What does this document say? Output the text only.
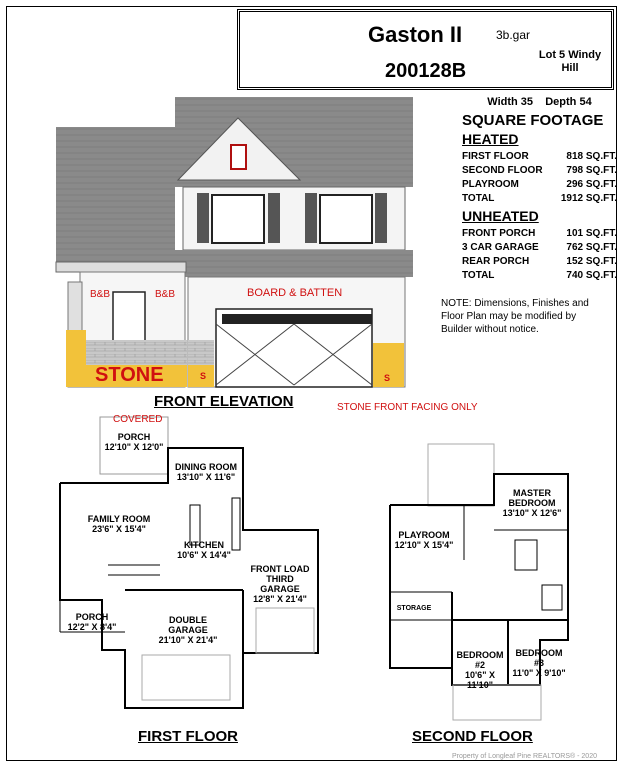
Gaston II	3b.gar
200128B
Lot 5 Windy Hill
Width 35    Depth 54
SQUARE FOOTAGE
HEATED
FIRST FLOOR	818 SQ.FT.
SECOND FLOOR 798 SQ.FT.
PLAYROOM	296 SQ.FT.
TOTAL	1912 SQ.FT.
UNHEATED
FRONT PORCH	101 SQ.FT.
3 CAR GARAGE	762 SQ.FT.
REAR PORCH	152 SQ.FT.
TOTAL	740 SQ.FT.
NOTE: Dimensions, Finishes and Floor Plan may be modified by Builder without notice.
B&B	B&B	BOARD & BATTEN
STONE	S	S
FRONT ELEVATION	STONE FRONT FACING ONLY
COVERED
PORCH
12'10" X 12'0"
DINING ROOM
13'10" X 11'6"
FAMILY ROOM
23'6" X 15'4"
KITCHEN
10'6" X 14'4"
FRONT LOAD
THIRD GARAGE
12'8" X 21'4"
PORCH
12'2" X 8'4"
DOUBLE GARAGE
21'10" X 21'4"
FIRST FLOOR
MASTER
BEDROOM
13'10" X 12'6"
PLAYROOM
12'10" X 15'4"
STORAGE
BEDROOM #2
10'6" X 11'10"
BEDROOM #3
11'0" X 9'10"
SECOND FLOOR
Property of Longleaf Pine REALTORS® - 2020
